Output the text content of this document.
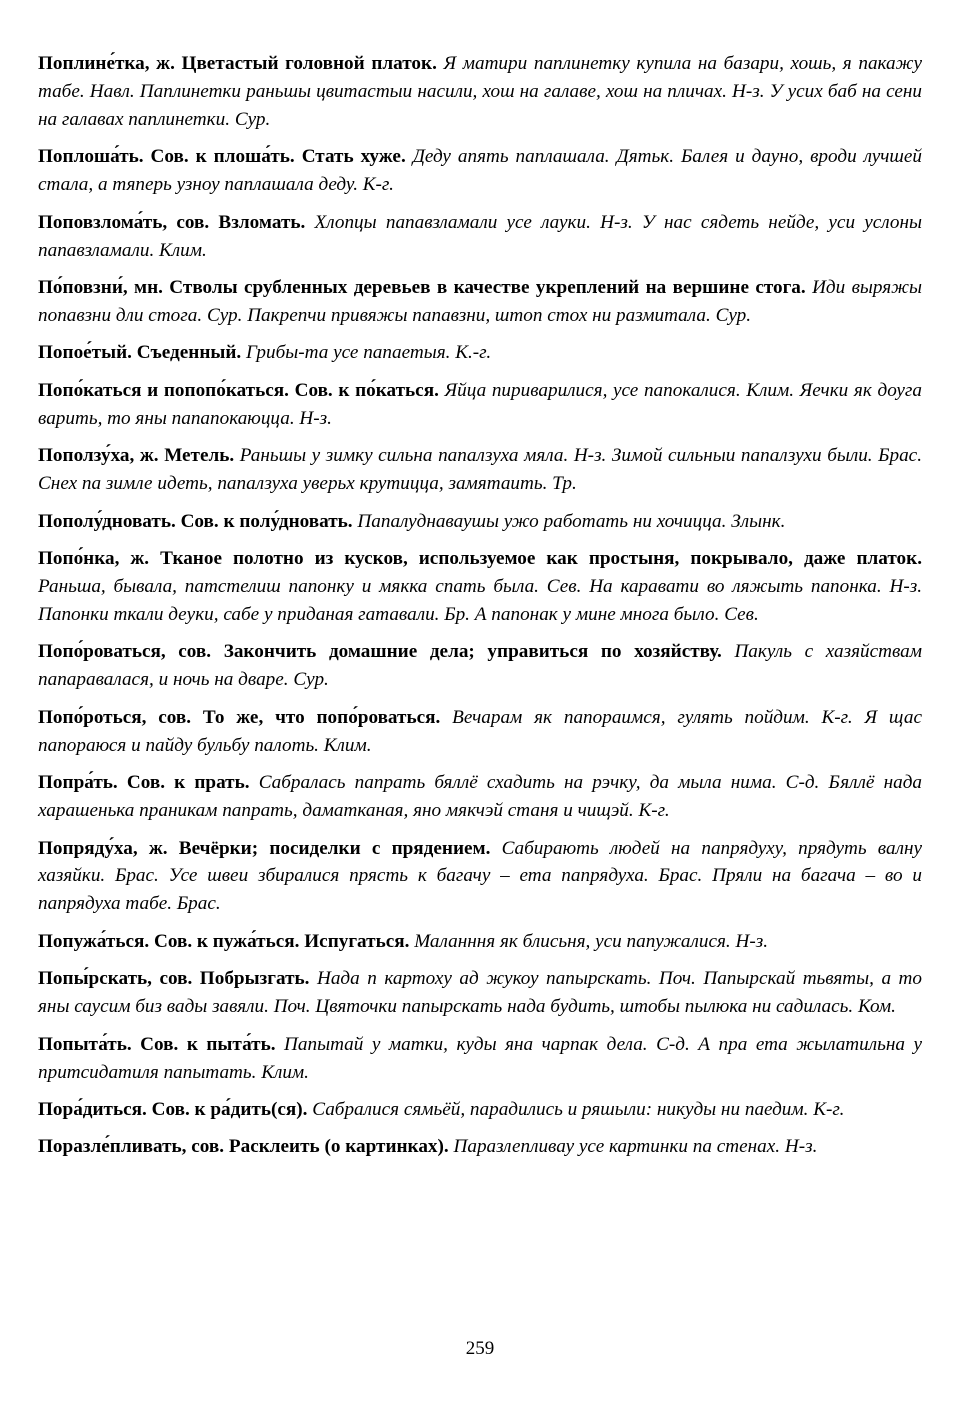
Поплине́тка, ж. Цветастый головной платок. Я матири паплинетку купила на базари, хошь, я пакажу табе. Навл. Паплинетки раньшы цвитастыи насили, хош на галаве, хош на пличах. Н-з. У усих баб на сени на галавах паплинетки. Сур.

Поплоша́ть. Сов. к плоша́ть. Стать хуже. Деду апять паплашала. Дятьк. Балея и дауно, вроди лучшей стала, а тяперь узноу паплашала деду. К-г.

Поповзлома́ть, сов. Взломать. Хлопцы папавзламали усе лауки. Н-з. У нас сядеть нейде, уси услоны папавзламали. Клим.

По́повзни́, мн. Стволы срубленных деревьев в качестве укреплений на вершине стога. Иди выряжы попавзни дли стога. Сур. Пакрепчи привяжы папавзни, штоп стох ни размитала. Сур.

Попое́тый. Съеденный. Грибы-та усе папаетыя. К.-г.

Попо́каться и попопо́каться. Сов. к по́каться. Яйца пириварилися, усе папокалися. Клим. Яечки як доуга варить, то яны папапокаюцца. Н-з.

Поползу́ха, ж. Метель. Раньшы у зимку сильна папалзуха мяла. Н-з. Зимой сильныи папалзухи были. Брас. Снех па зимле идеть, папалзуха уверьх крутицца, замятаить. Тр.

Пополу́дновать. Сов. к полу́дновать. Папалуднаваушы ужо работать ни хочицца. Злынк.

Попо́нка, ж. Тканое полотно из кусков, используемое как простыня, покрывало, даже платок. Раньша, бывала, патстелиш папонку и мякка спать была. Сев. На каравати во ляжыть папонка. Н-з. Папонки ткали деуки, сабе у приданая гатавали. Бр. А папонак у мине многа было. Сев.

Попо́роваться, сов. Закончить домашние дела; управиться по хозяйству. Пакуль с хазяйствам папаравалася, и ночь на дваре. Сур.

Попо́роться, сов. То же, что попо́роваться. Вечарам як папораимся, гулять пойдим. К-г. Я щас папораюся и пайду бульбу палоть. Клим.

Попра́ть. Сов. к прать. Сабралась папрать бяллё схадить на рэчку, да мыла нима. С-д. Бяллё нада харашенька праникам папрать, даматканая, яно мякчэй станя и чищэй. К-г.

Попряду́ха, ж. Вечёрки; посиделки с прядением. Сабирають людей на папрядуху, прядуть валну хазяйки. Брас. Усе швеи збиралися прясть к багачу – ета папрядуха. Брас. Пряли на багача – во и папрядуха табе. Брас.

Попужа́ться. Сов. к пужа́ться. Испугаться. Маланння як блисьня, уси папужалися. Н-з.

Попы́рскать, сов. Побрызгать. Нада п картоху ад жукоу папырскать. Поч. Папырскай тьвяты, а то яны саусим биз вады завяли. Поч. Цвяточки папырскать нада будить, штобы пылюка ни садилась. Ком.

Попыта́ть. Сов. к пыта́ть. Папытай у матки, куды яна чарпак дела. С-д. А пра ета жылатильна у притсидатиля папытать. Клим.

Пора́диться. Сов. к ра́дить(ся). Сабралися сямьёй, парадились и ряшыли: никуды ни паедим. К-г.

Поразле́пливать, сов. Расклеить (о картинках). Паразлепливау усе картинки па стенах. Н-з.

259
